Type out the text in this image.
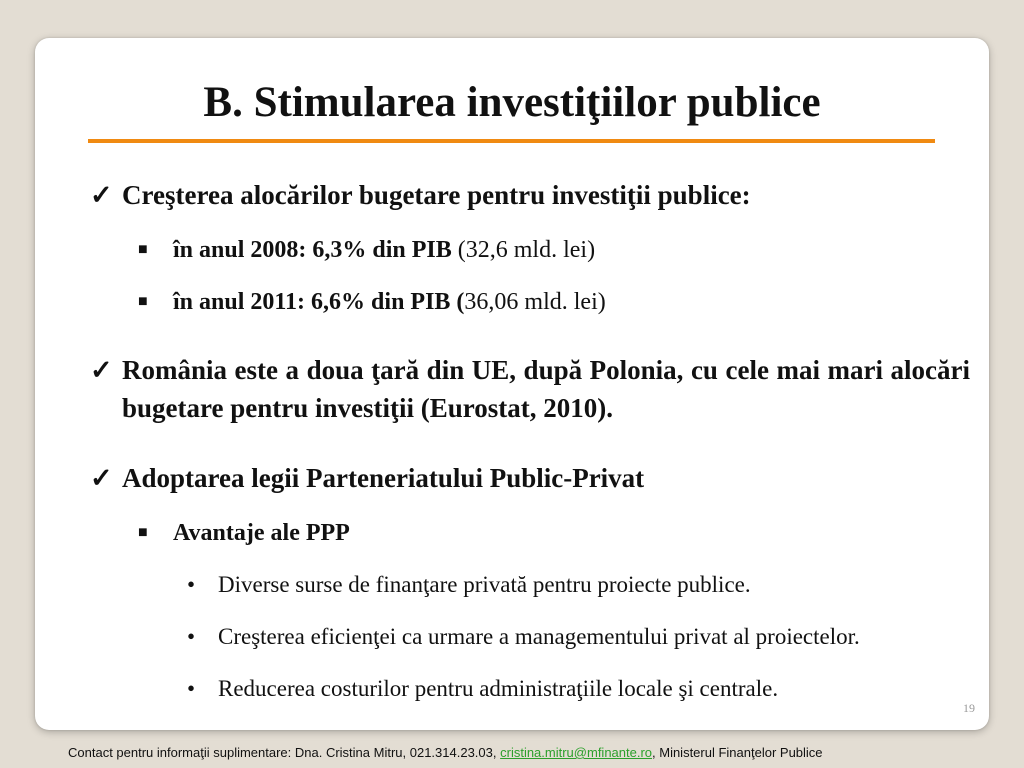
B. Stimularea investiţiilor publice
✓ Creşterea alocărilor bugetare pentru investiţii publice:
■	în anul 2008: 6,3% din PIB (32,6 mld. lei)
■	în anul 2011: 6,6% din PIB (36,06 mld. lei)
✓ România este a doua ţară din UE, după Polonia, cu cele mai mari alocări bugetare pentru investiţii (Eurostat, 2010).
✓ Adoptarea legii Parteneriatului Public-Privat
■	Avantaje ale PPP
• Diverse surse de finanţare privată pentru proiecte publice.
• Creşterea eficienţei ca urmare a managementului privat al proiectelor.
• Reducerea costurilor pentru administraţiile locale şi centrale.
19
Contact pentru informaţii suplimentare: Dna. Cristina Mitru, 021.314.23.03, cristina.mitru@mfinante.ro, Ministerul Finanţelor Publice
